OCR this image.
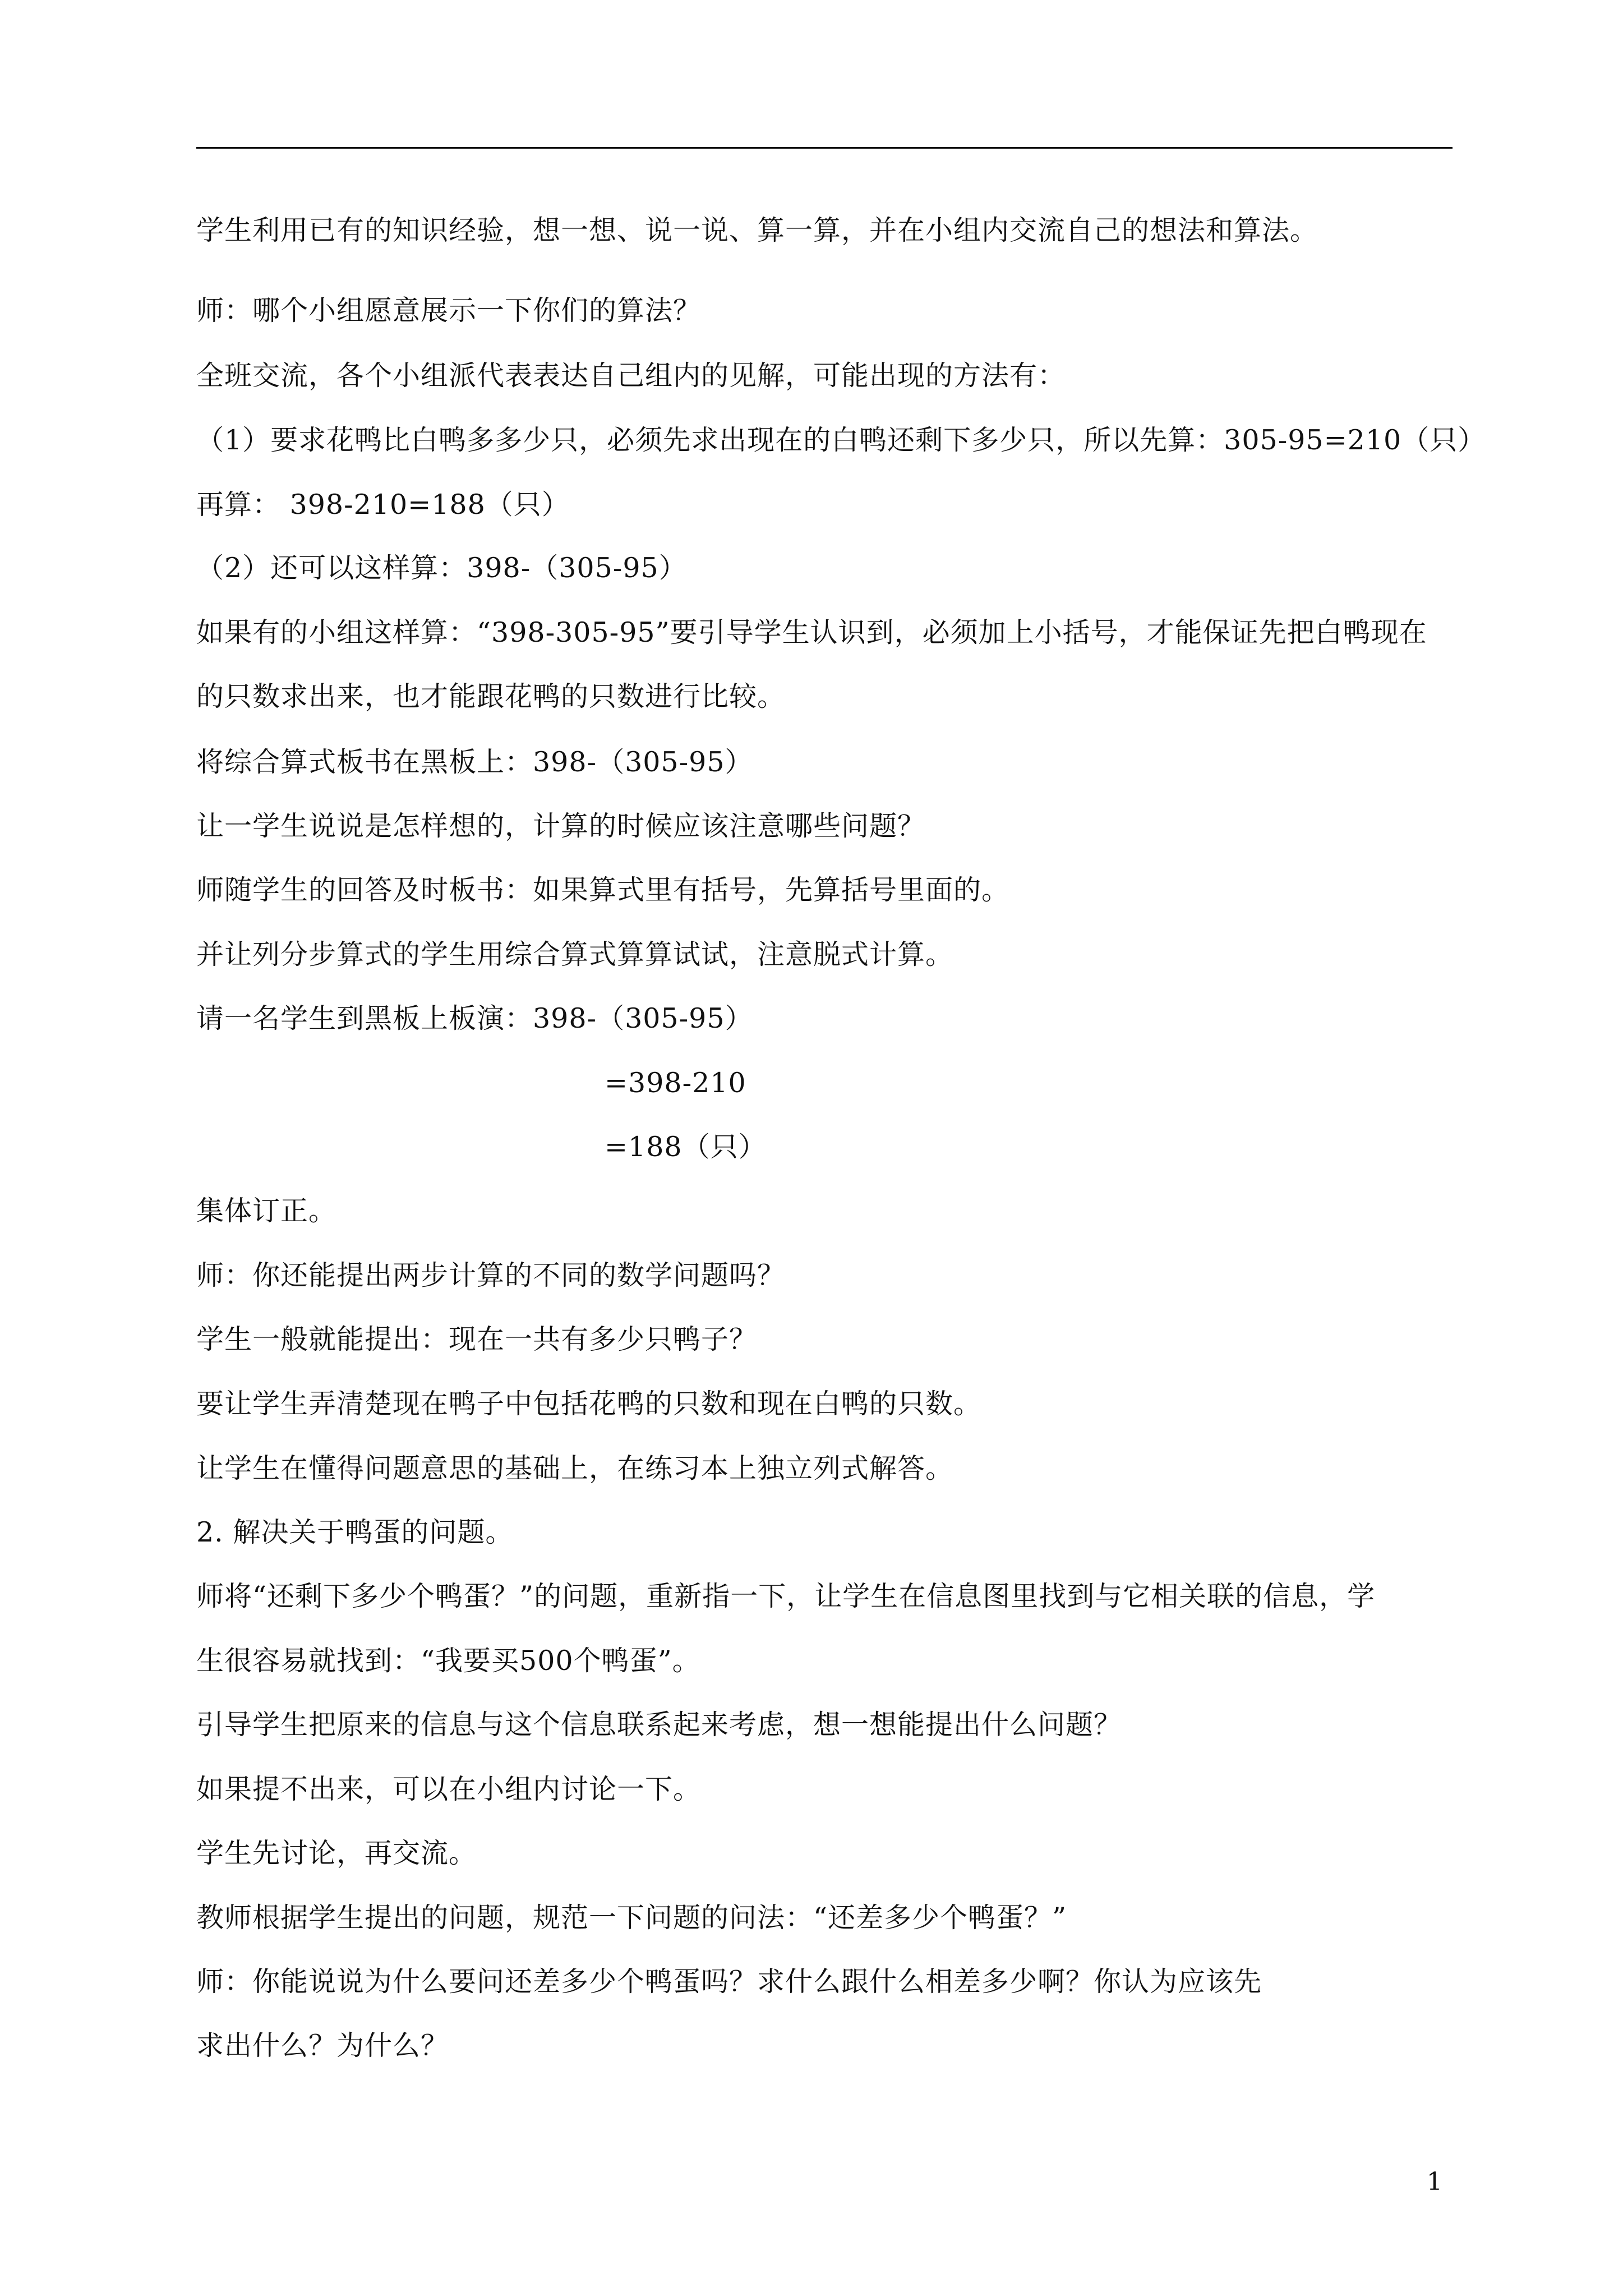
学生利用已有的知识经验，想一想、说一说、算一算，并在小组内交流自己的想法和算法。
师：哪个小组愿意展示一下你们的算法？
全班交流，各个小组派代表表达自己组内的见解，可能出现的方法有：
（1）要求花鸭比白鸭多多少只，必须先求出现在的白鸭还剩下多少只，所以先算：305-95=210（只）
再算： 398-210=188（只）
（2）还可以这样算：398-（305-95）
如果有的小组这样算：“398-305-95”要引导学生认识到，必须加上小括号，才能保证先把白鸭现在
的只数求出来，也才能跟花鸭的只数进行比较。
将综合算式板书在黑板上：398-（305-95）
让一学生说说是怎样想的，计算的时候应该注意哪些问题？
师随学生的回答及时板书：如果算式里有括号，先算括号里面的。
并让列分步算式的学生用综合算式算算试试，注意脱式计算。
请一名学生到黑板上板演：398-（305-95）
=398-210
=188（只）
集体订正。
师：你还能提出两步计算的不同的数学问题吗？
学生一般就能提出：现在一共有多少只鸭子？
要让学生弄清楚现在鸭子中包括花鸭的只数和现在白鸭的只数。
让学生在懂得问题意思的基础上，在练习本上独立列式解答。
2. 解决关于鸭蛋的问题。
师将“还剩下多少个鸭蛋？”的问题，重新指一下，让学生在信息图里找到与它相关联的信息，学
生很容易就找到：“我要买500个鸭蛋”。
引导学生把原来的信息与这个信息联系起来考虑，想一想能提出什么问题？
如果提不出来，可以在小组内讨论一下。
学生先讨论，再交流。
教师根据学生提出的问题，规范一下问题的问法：“还差多少个鸭蛋？”
师：你能说说为什么要问还差多少个鸭蛋吗？求什么跟什么相差多少啊？你认为应该先
求出什么？为什么？
1
